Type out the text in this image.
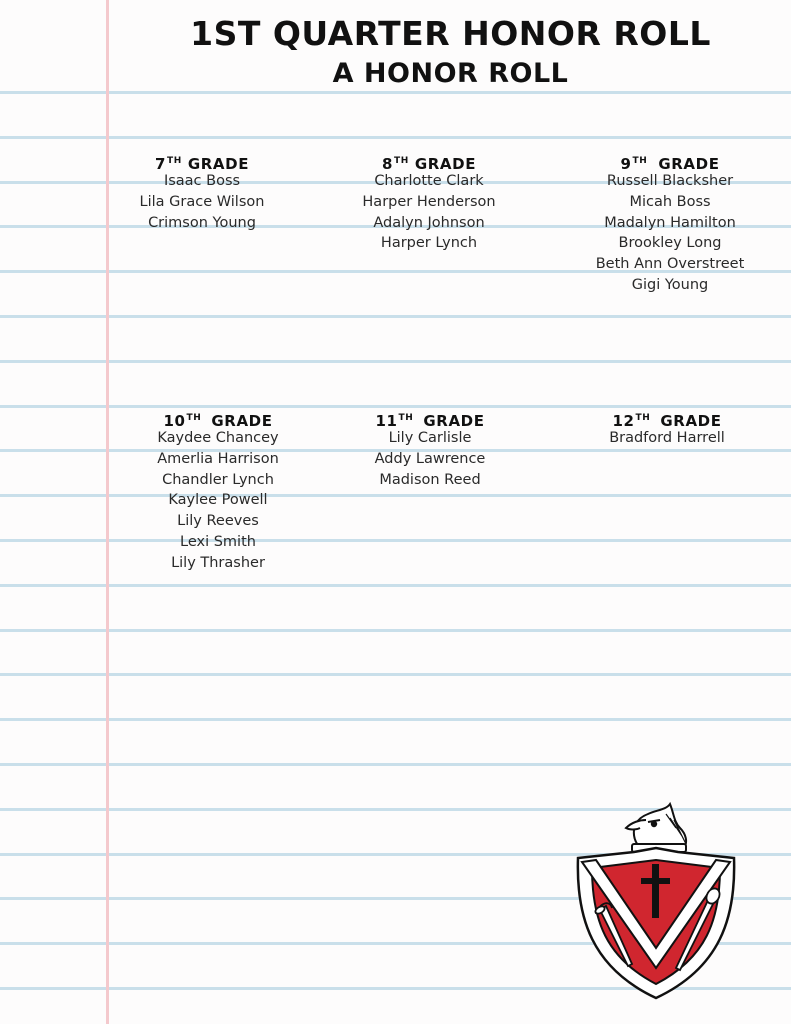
1ST QUARTER HONOR ROLL
A HONOR ROLL
7TH GRADE
Isaac Boss
Lila Grace Wilson
Crimson Young
8TH GRADE
Charlotte Clark
Harper Henderson
Adalyn Johnson
Harper Lynch
9TH GRADE
Russell Blacksher
Micah Boss
Madalyn Hamilton
Brookley Long
Beth Ann Overstreet
Gigi Young
10TH GRADE
Kaydee Chancey
Amerlia Harrison
Chandler Lynch
Kaylee Powell
Lily Reeves
Lexi Smith
Lily Thrasher
11TH GRADE
Lily Carlisle
Addy Lawrence
Madison Reed
12TH GRADE
Bradford Harrell
